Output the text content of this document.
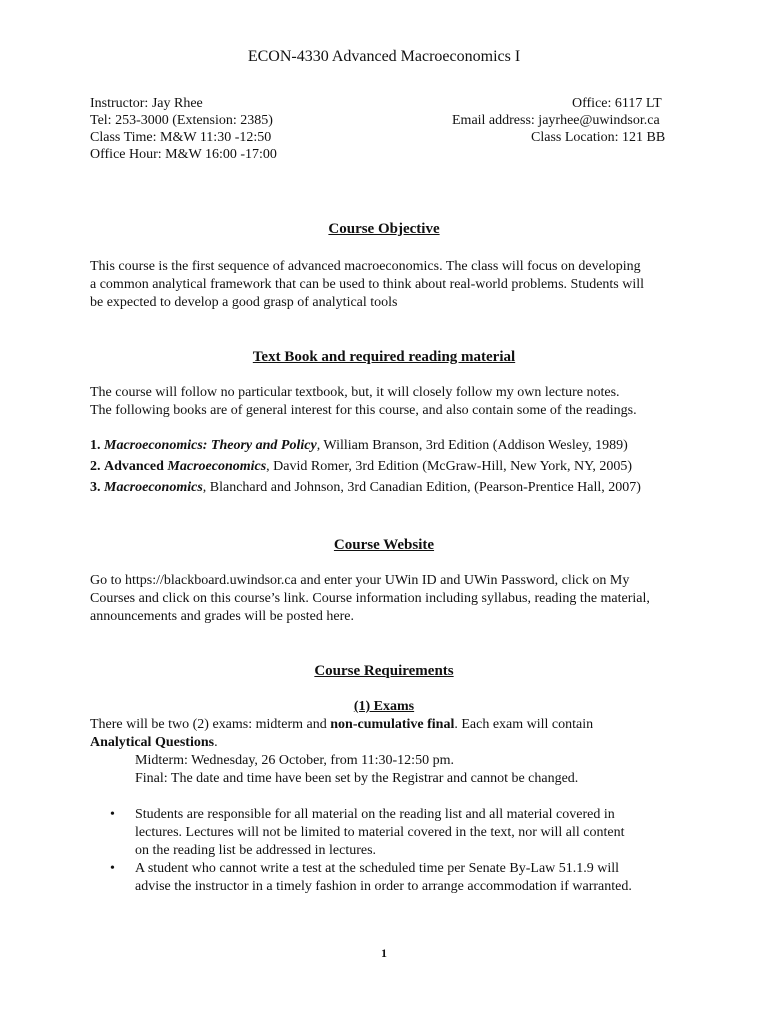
ECON-4330 Advanced Macroeconomics I
Instructor: Jay Rhee
Tel: 253-3000 (Extension: 2385)
Class Time: M&W 11:30 -12:50
Office Hour: M&W 16:00 -17:00
Office: 6117 LT
Email address: jayrhee@uwindsor.ca
Class Location: 121 BB
Course Objective
This course is the first sequence of advanced macroeconomics. The class will focus on developing
a common analytical framework that can be used to think about real-world problems. Students will
be expected to develop a good grasp of analytical tools
Text Book and required reading material
The course will follow no particular textbook, but, it will closely follow my own lecture notes.
The following books are of general interest for this course, and also contain some of the readings.
1. Macroeconomics: Theory and Policy, William Branson, 3rd Edition (Addison Wesley, 1989)
2. Advanced Macroeconomics, David Romer, 3rd Edition (McGraw-Hill, New York, NY, 2005)
3. Macroeconomics, Blanchard and Johnson, 3rd Canadian Edition, (Pearson-Prentice Hall, 2007)
Course Website
Go to https://blackboard.uwindsor.ca and enter your UWin ID and UWin Password, click on My
Courses and click on this course’s link. Course information including syllabus, reading the material,
announcements and grades will be posted here.
Course Requirements
(1) Exams
There will be two (2) exams: midterm and non-cumulative final. Each exam will contain
Analytical Questions.
Midterm: Wednesday, 26 October, from 11:30-12:50 pm.
Final: The date and time have been set by the Registrar and cannot be changed.
• Students are responsible for all material on the reading list and all material covered in
lectures. Lectures will not be limited to material covered in the text, nor will all content
on the reading list be addressed in lectures.
• A student who cannot write a test at the scheduled time per Senate By-Law 51.1.9 will
advise the instructor in a timely fashion in order to arrange accommodation if warranted.
1
